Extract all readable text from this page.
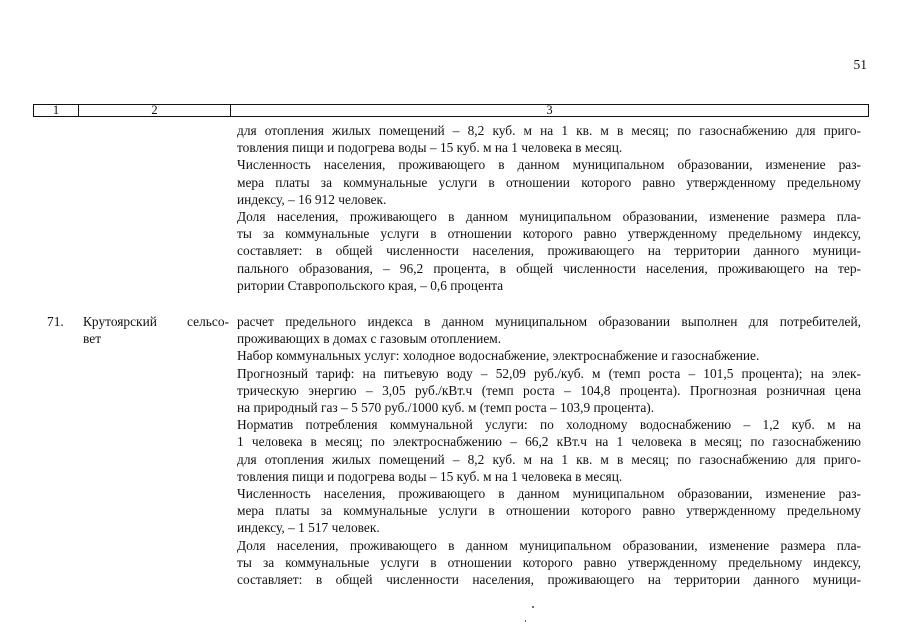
51
1	2	3
для отопления жилых помещений – 8,2 куб. м на 1 кв. м в месяц; по газоснабжению для приго-
товления пищи и подогрева воды – 15 куб. м на 1 человека в месяц.
Численность населения, проживающего в данном муниципальном образовании, изменение раз-
мера платы за коммунальные услуги в отношении которого равно утвержденному предельному
индексу, – 16 912 человек.
Доля населения, проживающего в данном муниципальном образовании, изменение размера пла-
ты за коммунальные услуги в отношении которого равно утвержденному предельному индексу,
составляет: в общей численности населения, проживающего на территории данного муници-
пального образования, – 96,2 процента, в общей численности населения, проживающего на тер-
ритории Ставропольского края, – 0,6 процента
71. Крутоярский сельсо-
вет
расчет предельного индекса в данном муниципальном образовании выполнен для потребителей,
проживающих в домах с газовым отоплением.
Набор коммунальных услуг: холодное водоснабжение, электроснабжение и газоснабжение.
Прогнозный тариф: на питьевую воду – 52,09 руб./куб. м (темп роста – 101,5 процента); на элек-
трическую энергию – 3,05 руб./кВт.ч (темп роста – 104,8 процента). Прогнозная розничная цена
на природный газ – 5 570 руб./1000 куб. м (темп роста – 103,9 процента).
Норматив потребления коммунальной услуги: по холодному водоснабжению – 1,2 куб. м на
1 человека в месяц; по электроснабжению – 66,2 кВт.ч на 1 человека в месяц; по газоснабжению
для отопления жилых помещений – 8,2 куб. м на 1 кв. м в месяц; по газоснабжению для приго-
товления пищи и подогрева воды – 15 куб. м на 1 человека в месяц.
Численность населения, проживающего в данном муниципальном образовании, изменение раз-
мера платы за коммунальные услуги в отношении которого равно утвержденному предельному
индексу, – 1 517 человек.
Доля населения, проживающего в данном муниципальном образовании, изменение размера пла-
ты за коммунальные услуги в отношении которого равно утвержденному предельному индексу,
составляет: в общей численности населения, проживающего на территории данного муници-
